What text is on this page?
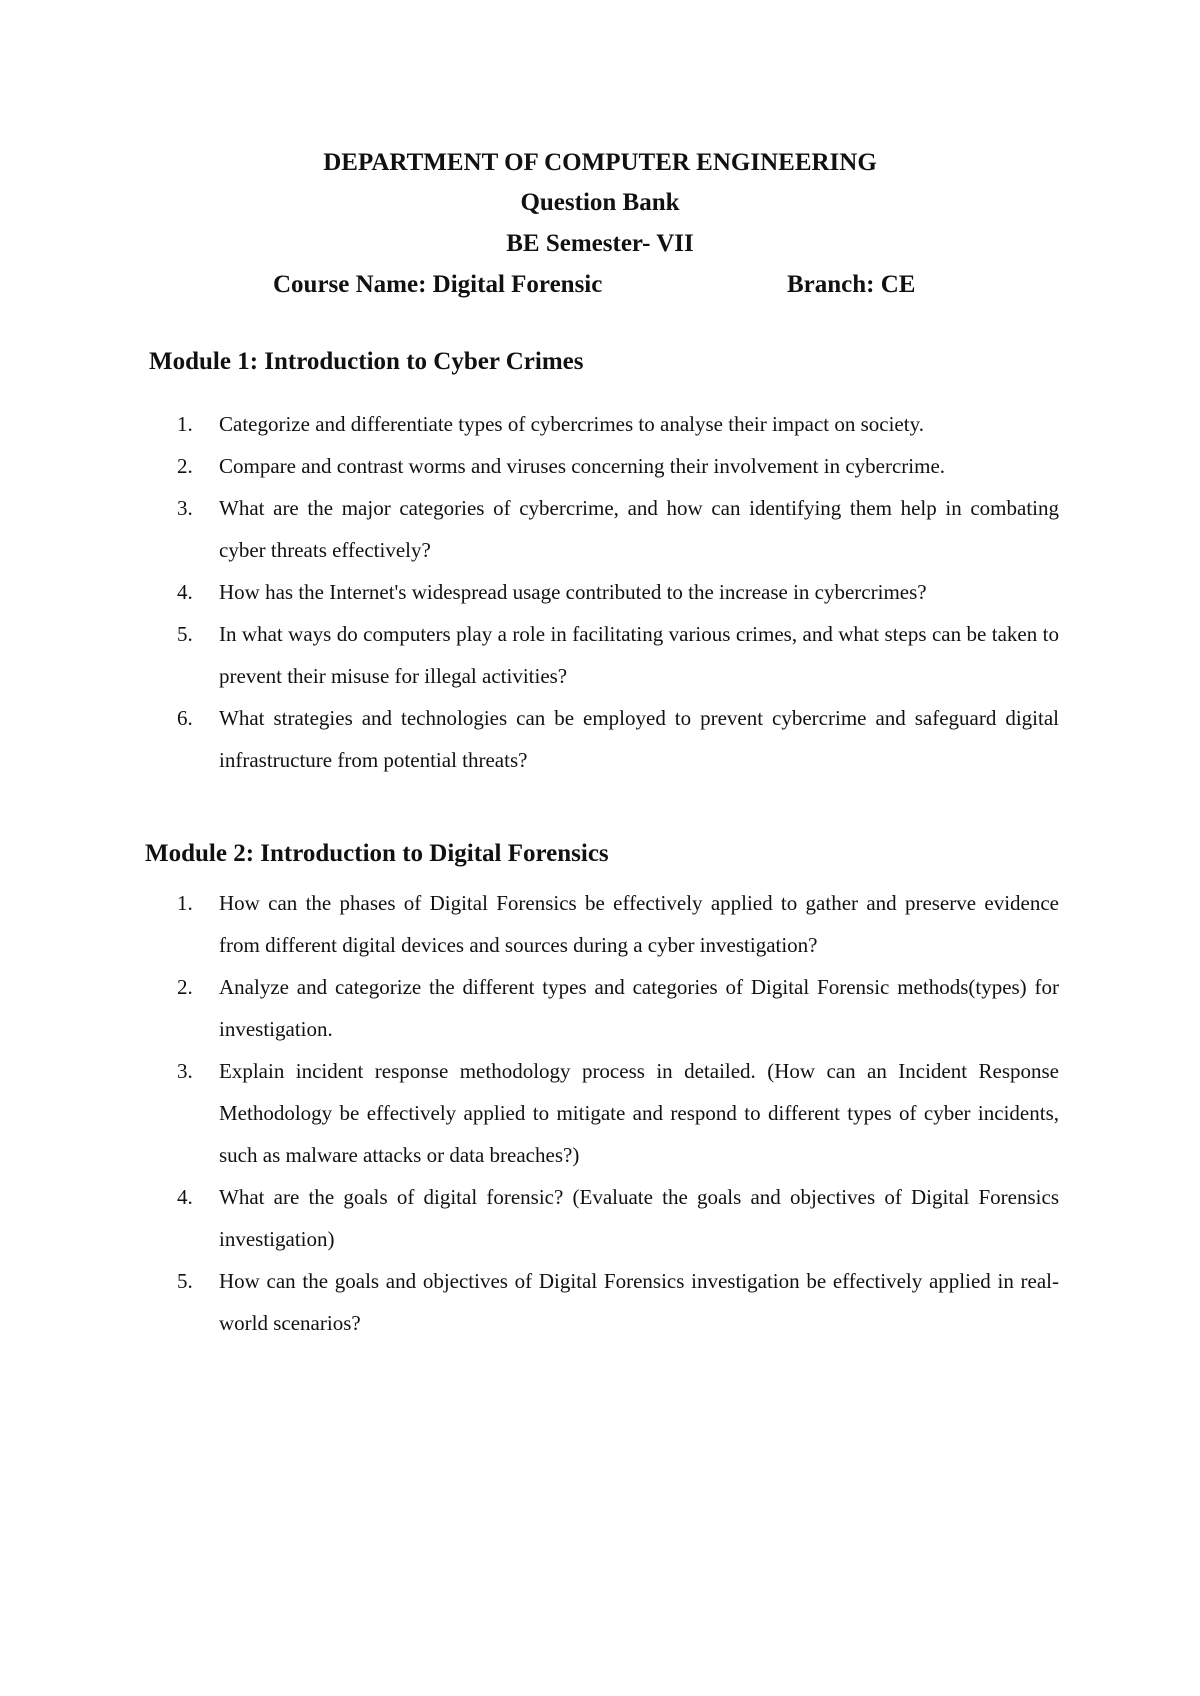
DEPARTMENT OF COMPUTER ENGINEERING
Question Bank
BE Semester- VII
Course Name: Digital Forensic	Branch: CE
Module 1: Introduction to Cyber Crimes
1.	Categorize and differentiate types of cybercrimes to analyse their impact on society.
2.	Compare and contrast worms and viruses concerning their involvement in cybercrime.
3.	What are the major categories of cybercrime, and how can identifying them help in combating cyber threats effectively?
4.	How has the Internet's widespread usage contributed to the increase in cybercrimes?
5.	In what ways do computers play a role in facilitating various crimes, and what steps can be taken to prevent their misuse for illegal activities?
6.	What strategies and technologies can be employed to prevent cybercrime and safeguard digital infrastructure from potential threats?
Module 2: Introduction to Digital Forensics
1.	How can the phases of Digital Forensics be effectively applied to gather and preserve evidence from different digital devices and sources during a cyber investigation?
2.	Analyze and categorize the different types and categories of Digital Forensic methods(types) for investigation.
3.	Explain incident response methodology process in detailed. (How can an Incident Response Methodology be effectively applied to mitigate and respond to different types of cyber incidents, such as malware attacks or data breaches?)
4.	What are the goals of digital forensic? (Evaluate the goals and objectives of Digital Forensics investigation)
5.	How can the goals and objectives of Digital Forensics investigation be effectively applied in real-world scenarios?
